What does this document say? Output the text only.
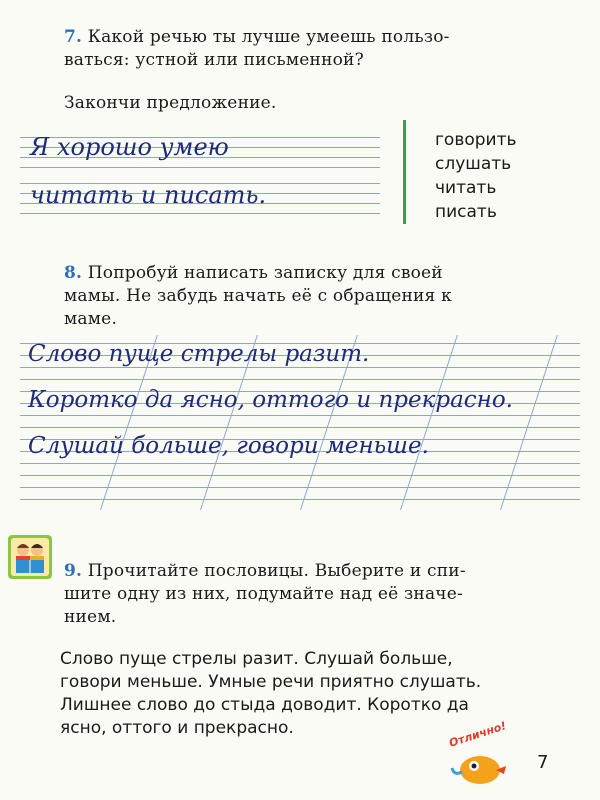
7. Какой речью ты лучше умеешь пользо-
ваться: устной или письменной?
Закончи предложение.
Я хорошо умею
читать и писать.
говорить
слушать
читать
писать
8. Попробуй написать записку для своей
мамы. Не забудь начать её с обращения к
маме.
Слово пуще стрелы разит.
Коротко да ясно, оттого и прекрасно.
Слушай больше, говори меньше.
9. Прочитайте пословицы. Выберите и спи-
шите одну из них, подумайте над её значе-
нием.
Слово пуще стрелы разит. Слушай больше,
говори меньше. Умные речи приятно слушать.
Лишнее слово до стыда доводит. Коротко да
ясно, оттого и прекрасно.	Отлично!
7
